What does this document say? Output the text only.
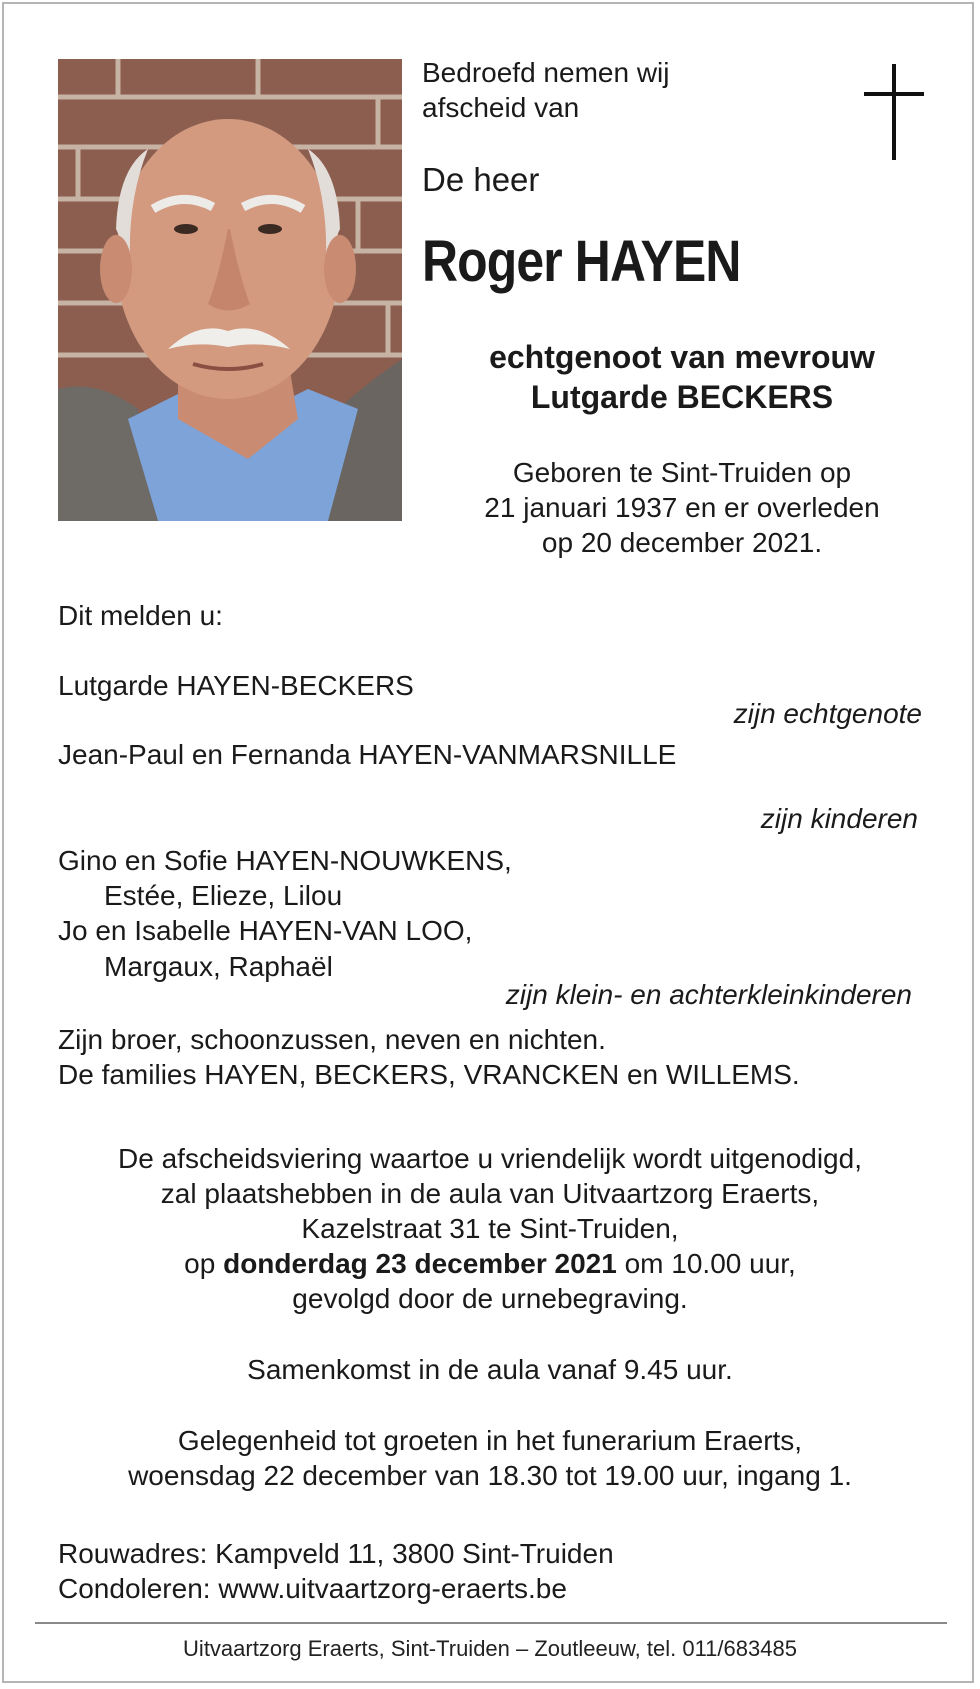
Bedroefd nemen wij

afscheid van

De heer

Roger HAYEN

echtgenoot van mevrouw

Lutgarde BECKERS

Geboren te Sint-Truiden op

21 januari 1937 en er overleden

op 20 december 2021.

Dit melden u:

Lutgarde HAYEN-BECKERS

zijn echtgenote

Jean-Paul en Fernanda HAYEN-VANMARSNILLE

zijn kinderen

Gino en Sofie HAYEN-NOUWKENS,

Estée, Elieze, Lilou

Jo en Isabelle HAYEN-VAN LOO,

Margaux, Raphaël

zijn klein- en achterkleinkinderen

Zijn broer, schoonzussen, neven en nichten.

De families HAYEN, BECKERS, VRANCKEN en WILLEMS.

De afscheidsviering waartoe u vriendelijk wordt uitgenodigd,

zal plaatshebben in de aula van Uitvaartzorg Eraerts,

Kazelstraat 31 te Sint-Truiden,

op donderdag 23 december 2021 om 10.00 uur,

gevolgd door de urnebegraving.

Samenkomst in de aula vanaf 9.45 uur.

Gelegenheid tot groeten in het funerarium Eraerts,

woensdag 22 december van 18.30 tot 19.00 uur, ingang 1.

Rouwadres: Kampveld 11, 3800 Sint-Truiden

Condoleren: www.uitvaartzorg-eraerts.be

Uitvaartzorg Eraerts, Sint-Truiden – Zoutleeuw, tel. 011/683485
